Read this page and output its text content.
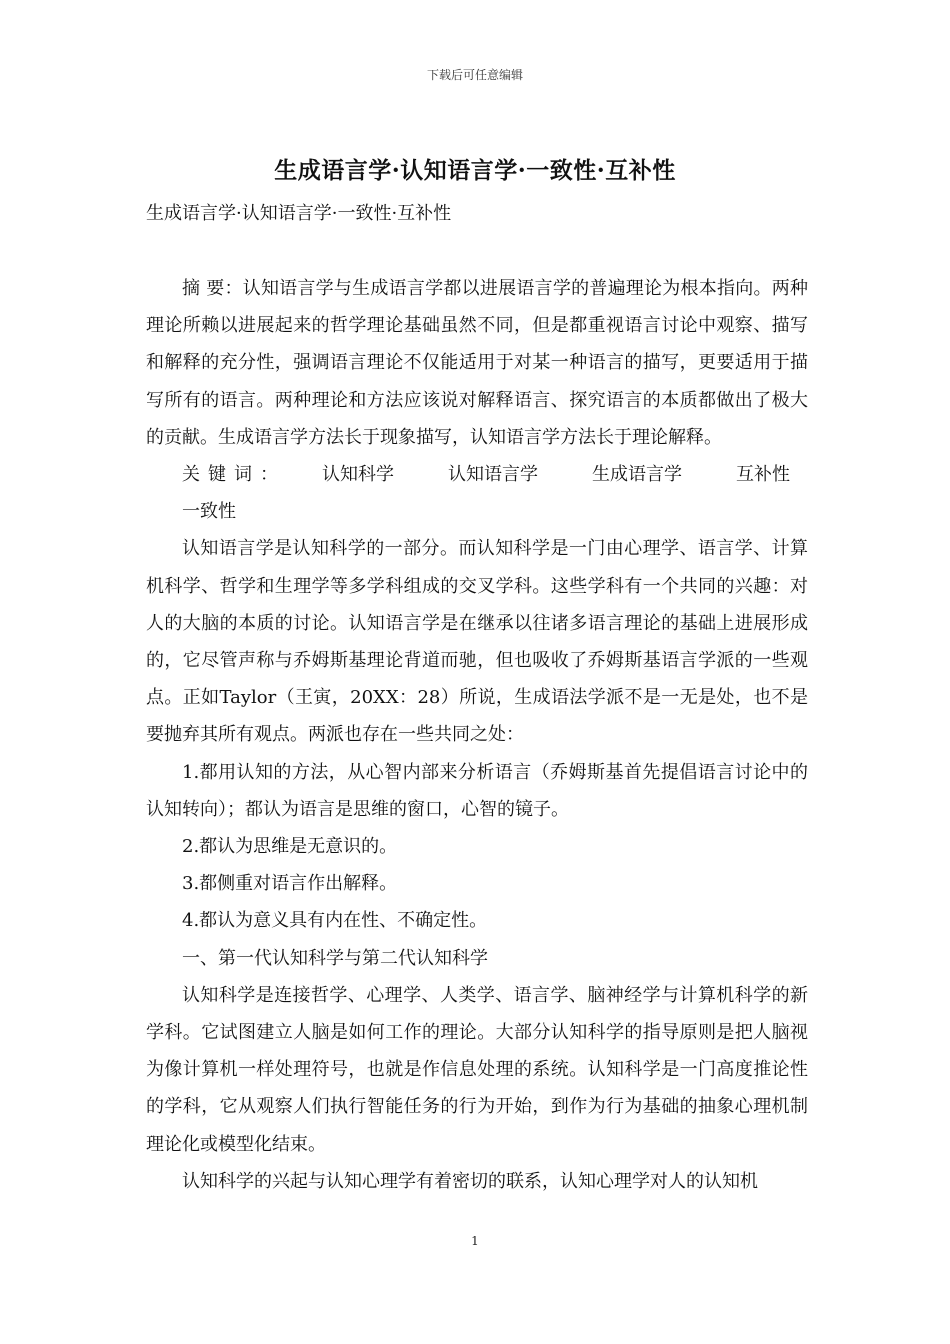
下载后可任意编辑
生成语言学·认知语言学·一致性·互补性
生成语言学·认知语言学·一致性·互补性

摘 要：认知语言学与生成语言学都以进展语言学的普遍理论为根本指向。两种理论所赖以进展起来的哲学理论基础虽然不同，但是都重视语言讨论中观察、描写和解释的充分性，强调语言理论不仅能适用于对某一种语言的描写，更要适用于描写所有的语言。两种理论和方法应该说对解释语言、探究语言的本质都做出了极大的贡献。生成语言学方法长于现象描写，认知语言学方法长于理论解释。

关键词： 认知科学	认知语言学	生成语言学	互补性一致性

认知语言学是认知科学的一部分。而认知科学是一门由心理学、语言学、计算机科学、哲学和生理学等多学科组成的交叉学科。这些学科有一个共同的兴趣：对人的大脑的本质的讨论。认知语言学是在继承以往诸多语言理论的基础上进展形成的，它尽管声称与乔姆斯基理论背道而驰，但也吸收了乔姆斯基语言学派的一些观点。正如Taylor（王寅，20XX：28）所说，生成语法学派不是一无是处，也不是要抛弃其所有观点。两派也存在一些共同之处：

1.都用认知的方法，从心智内部来分析语言（乔姆斯基首先提倡语言讨论中的认知转向）；都认为语言是思维的窗口，心智的镜子。

2.都认为思维是无意识的。

3.都侧重对语言作出解释。

4.都认为意义具有内在性、不确定性。

一、第一代认知科学与第二代认知科学

认知科学是连接哲学、心理学、人类学、语言学、脑神经学与计算机科学的新学科。它试图建立人脑是如何工作的理论。大部分认知科学的指导原则是把人脑视为像计算机一样处理符号，也就是作信息处理的系统。认知科学是一门高度推论性的学科，它从观察人们执行智能任务的行为开始，到作为行为基础的抽象心理机制理论化或模型化结束。

认知科学的兴起与认知心理学有着密切的联系，认知心理学对人的认知机

1
